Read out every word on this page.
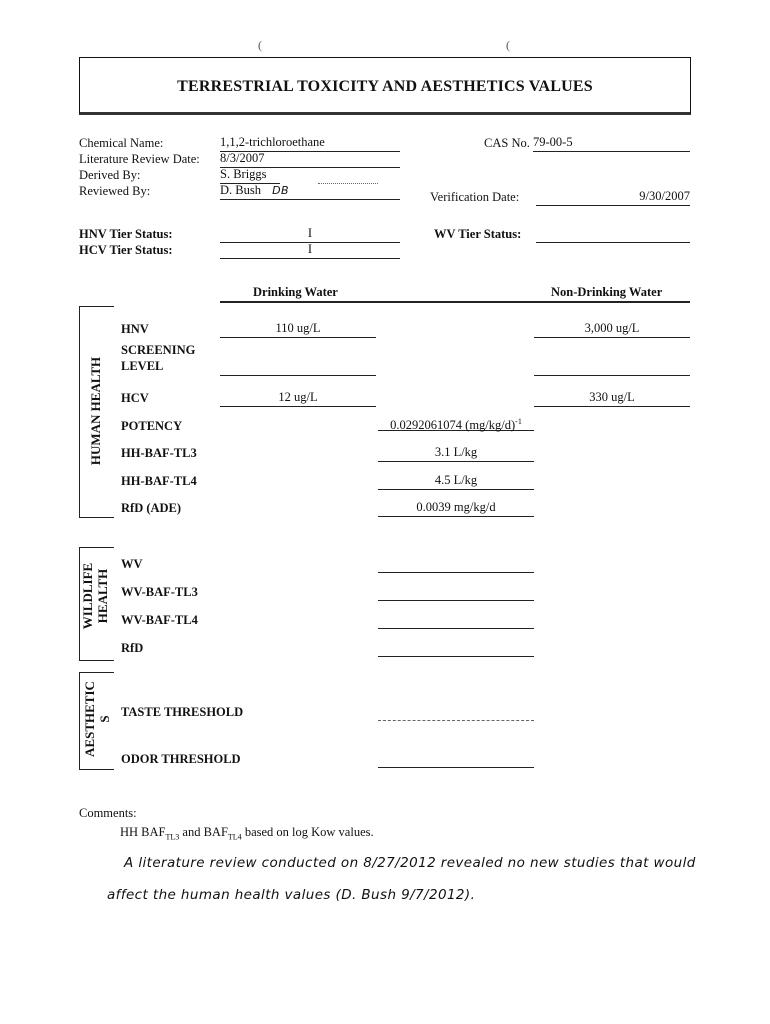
TERRESTRIAL TOXICITY AND AESTHETICS VALUES
(	(
Chemical Name:	1,1,2-trichloroethane
Literature Review Date: 8/3/2007
Derived By:	S. Briggs
Reviewed By:	D. Bush DB
CAS No. 79-00-5
Verification Date:	9/30/2007
HNV Tier Status:	I
HCV Tier Status:	I
WV Tier Status:
Drinking Water	Non-Drinking Water
HUMAN HEALTH
HNV	110 ug/L	3,000 ug/L
SCREENING
LEVEL
HCV	12 ug/L	330 ug/L
POTENCY	0.0292061074 $(mg/kg/d)^{-1}$
HH-BAF-TL3	3.1 L/kg
HH-BAF-TL4	4.5 L/kg
RfD (ADE)	0.0039 mg/kg/d
WILDLIFE HEALTH
WV
WV-BAF-TL3
WV-BAF-TL4
RfD
AESTHETIC S
TASTE THRESHOLD
ODOR THRESHOLD
Comments:
HH $BAF_{TL3}$ and $BAF_{TL4}$ based on log Kow values.
A literature review conducted on 8/27/2012 revealed no new studies that would
affect the human health values (D. Bush 9/7/2012).
